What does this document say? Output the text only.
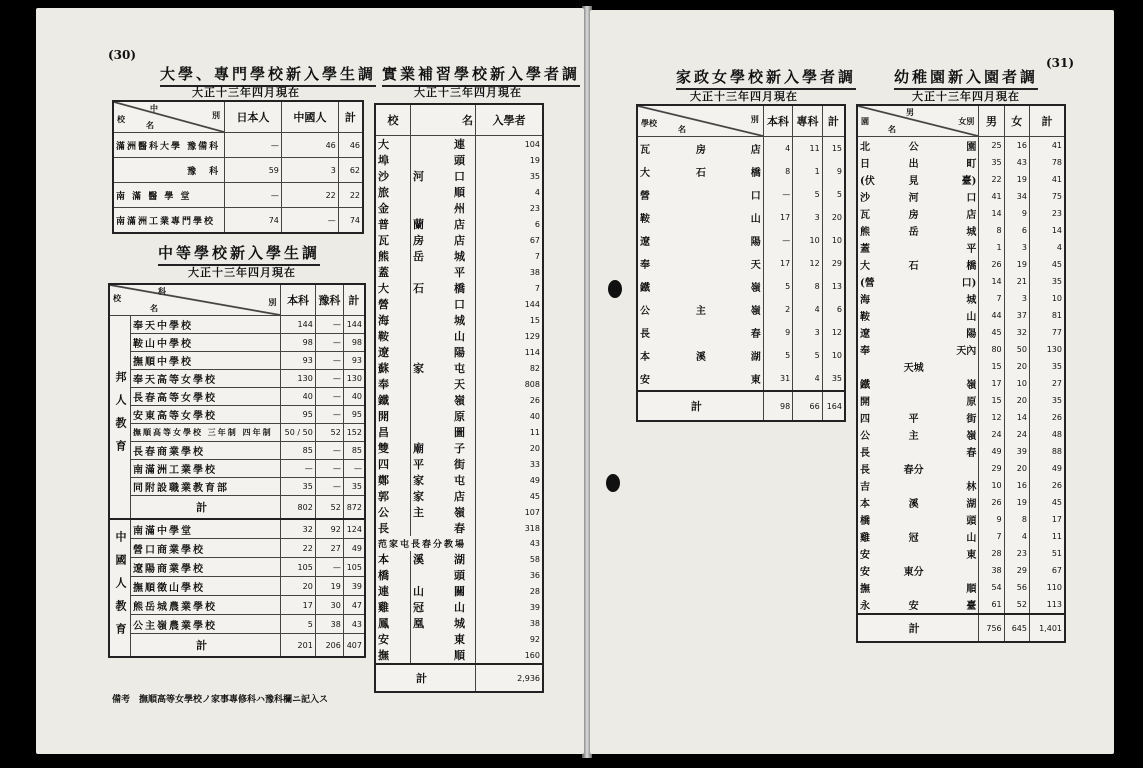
(30)
大學、專門學校新入學生調
大正十三年四月現在
中
別
校
名	日本人	中國人	計
滿洲醫科大學 豫備科	—	46	46
　　　　　　 豫　科	59	3	62
南 滿 醫 學 堂	—	22	22
南滿洲工業專門學校	74	—	74
中等學校新入學生調
大正十三年四月現在
科
別
校
名		本科	豫科	計
邦人教育	奉天中學校	144	—	144
	鞍山中學校	98	—	98
	撫順中學校	93	—	93
	奉天高等女學校	130	—	130
	長春高等女學校	40	—	40
	安東高等女學校	95	—	95
	撫順高等女學校 三年制 四年制	50 / 50	52	152
	長春商業學校	85	—	85
	南滿洲工業學校	—	—	—
	同附設職業教育部	35	—	35
	計	802	52	872
中國人教育	南滿中學堂	32	92	124
	營口商業學校	22	27	49
	遼陽商業學校	105	—	105
	撫順徵山學校	20	19	39
	熊岳城農業學校	17	30	47
	公主嶺農業學校	5	38	43
	計	201	206	407
實業補習學校新入學者調
大正十三年四月現在
校	名	入學者
大	連	104
埠	頭	19
沙	河 口	35
旅	順	4
金	州	23
普	蘭 店	6
瓦	房 店	67
熊	岳 城	7
蓋	平	38
大	石 橋	7
營	口	144
海	城	15
鞍	山	129
遼	陽	114
蘇	家 屯	82
奉	天	808
鐵	嶺	26
開	原	40
昌	圖	11
雙	廟 子	20
四	平 街	33
鄭	家 屯	49
郭	家 店	45
公	主 嶺	107
長	春	318
范家屯長春分教場		43
本	溪 湖	58
橋	頭	36
連	山 關	28
雞	冠 山	39
鳳	凰 城	38
安	東	92
撫	順	160
計		2,936
備考　撫順高等女學校ノ家事專修科ハ豫科欄ニ記入ス
(31)
家政女學校新入學者調
大正十三年四月現在
別
學校
名			本科	專科	計
瓦	房	店	4	11	15
大	石	橋	8	1	9
營		口	—	5	5
鞍		山	17	3	20
遼		陽	—	10	10
奉		天	17	12	29
鐵		嶺	5	8	13
公	主	嶺	2	4	6
長		春	9	3	12
本	溪	湖	5	5	10
安		東	31	4	35
計			98	66	164
幼稚園新入園者調
大正十三年四月現在
男
女別
園
名			男	女	計
北	公	園	25	16	41
日	出	町	35	43	78
(伏	見	臺)	22	19	41
沙	河	口	41	34	75
瓦	房	店	14	9	23
熊	岳	城	8	6	14
蓋		平	1	3	4
大	石	橋	26	19	45
(營		口)	14	21	35
海		城	7	3	10
鞍		山	44	37	81
遼		陽	45	32	77
奉		天內	80	50	130
	天城		15	20	35
鐵		嶺	17	10	27
開		原	15	20	35
四	平	街	12	14	26
公	主	嶺	24	24	48
長		春	49	39	88
長	春分		29	20	49
吉		林	10	16	26
本	溪	湖	26	19	45
橋		頭	9	8	17
雞	冠	山	7	4	11
安		東	28	23	51
安	東分		38	29	67
撫		順	54	56	110
永	安	臺	61	52	113
計			756	645	1,401
